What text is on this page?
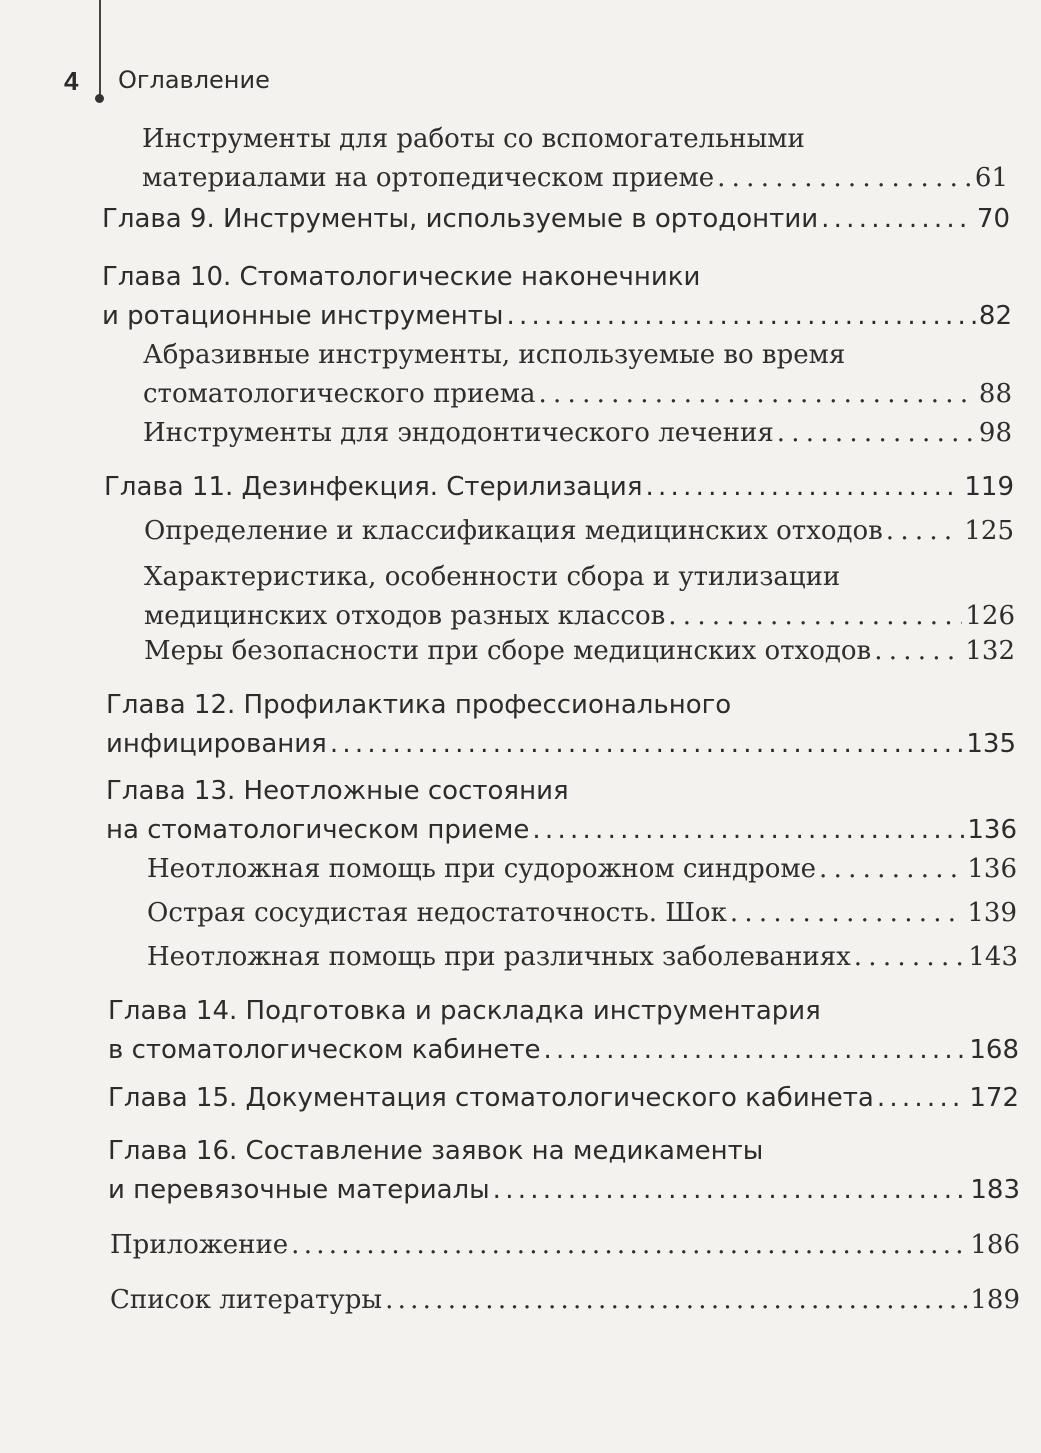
4 Оглавление
Инструменты для работы со вспомогательными
материалами на ортопедическом приеме . . .	61
Глава 9. Инструменты, используемые в ортодонтии . . .	70
Глава 10. Стоматологические наконечники
и ротационные инструменты . . .	82
Абразивные инструменты, используемые во время
стоматологического приема . . .	88
Инструменты для эндодонтического лечения . . .	98
Глава 11. Дезинфекция. Стерилизация . . .	119
Определение и классификация медицинских отходов . . .	125
Характеристика, особенности сбора и утилизации
медицинских отходов разных классов . . .	126
Меры безопасности при сборе медицинских отходов . . .	132
Глава 12. Профилактика профессионального
инфицирования . . .	135
Глава 13. Неотложные состояния
на стоматологическом приеме . . .	136
Неотложная помощь при судорожном синдроме . . .	136
Острая сосудистая недостаточность. Шок . . .	139
Неотложная помощь при различных заболеваниях . . .	143
Глава 14. Подготовка и раскладка инструментария
в стоматологическом кабинете . . .	168
Глава 15. Документация стоматологического кабинета . . .	172
Глава 16. Составление заявок на медикаменты
и перевязочные материалы . . .	183
Приложение . . .	186
Список литературы . . .	189
